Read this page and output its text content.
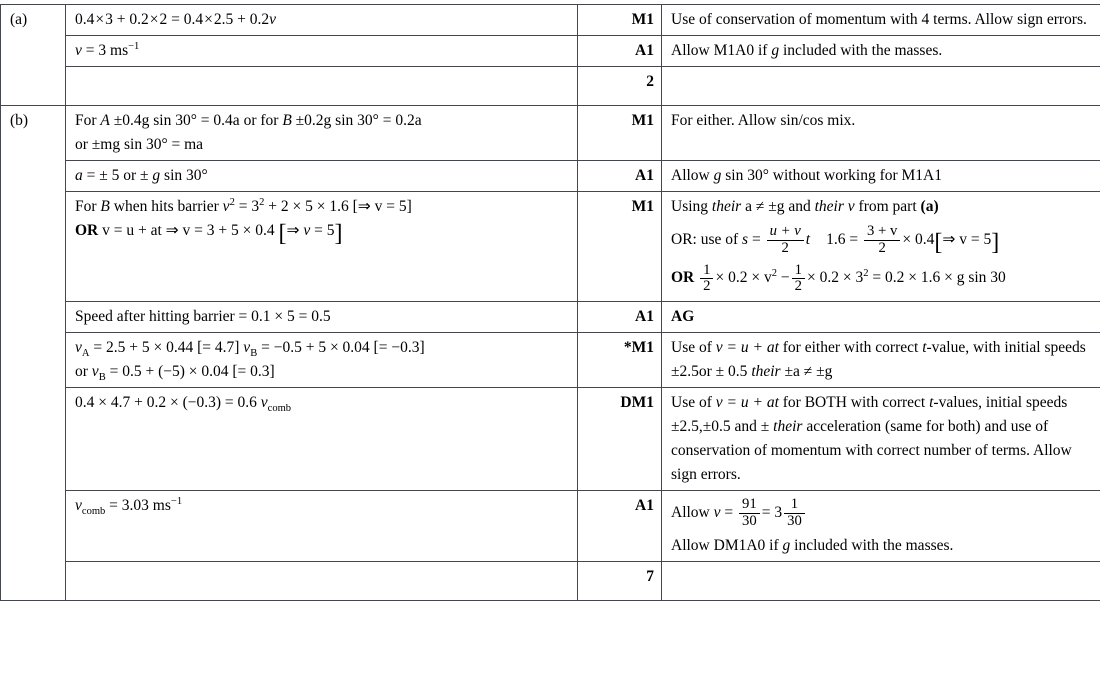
(a)	0.4×3 + 0.2×2 = 0.4×2.5 + 0.2v	M1	Use of conservation of momentum with 4 terms. Allow sign errors.

	v = 3 $ms^{-1}$	A1	Allow M1A0 if g included with the masses.

		2	
(b)	For A ±0.4g sin 30° = 0.4a or for B ±0.2g sin 30° = 0.2a
or ±mg sin 30° = ma	M1	For either. Allow sin/cos mix.

	a = ± 5 or ± g sin 30°	A1	Allow g sin 30° without working for M1A1

For B when hits barrier $v^2 = 3^2 + 2 \times 5 \times 1.6$ [⇒ v = 5]
OR v = u + at ⇒ v = 3 + 5 × 0.4 [⇒ v = 5]
	M1	Using their a ≠ ±g and their v from part (a)
OR: use of $s = \frac{u + v}{2}$ t $1.6 = \frac{3 + v}{2}$ × 0.4[⇒ v = 5]
OR $\frac{1}{2} \times 0.2 \times v^2 - \frac{1}{2} \times 0.2 \times 3^2 = 0.2 \times 1.6 \times g$ sin 30

	Speed after hitting barrier = 0.1 × 5 = 0.5	A1	AG

	$v_A = 2.5 + 5 \times 0.44$ [= 4.7] $v_B = -0.5 + 5 \times 0.04$ [= −0.3]
or $v_B = 0.5 + (-5) \times 0.04$ [= 0.3]	*M1	Use of v = u + at for either with correct t-value, with initial speeds
±2.5or ± 0.5 their ±a ≠ ±g

	0.4 × 4.7 + 0.2 × (−0.3) = 0.6 $v_{comb}$	DM1	Use of v = u + at for BOTH with correct t-values, initial speeds
±2.5,±0.5 and ± their acceleration (same for both) and use of
conservation of momentum with correct number of terms. Allow
sign errors.

$v_{comb} = 3.03$ $ms^{-1}$	A1	Allow $v = \frac{91}{30} = 3 \frac{1}{30}$
Allow DM1A0 if g included with the masses.

		7	
